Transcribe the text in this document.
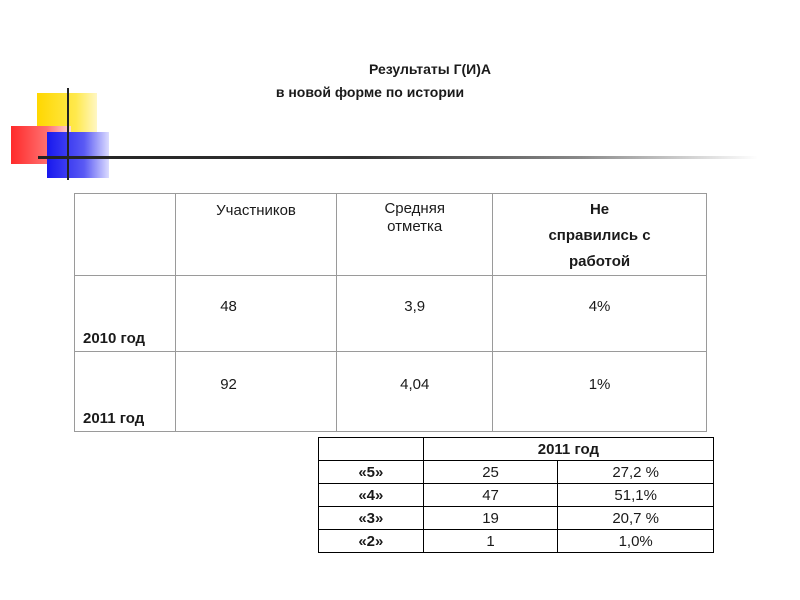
Результаты Г(И)А
в новой форме по истории
	Участников	Средняя отметка	Не справились с работой
2010 год	48	3,9	4%
2011 год	92	4,04	1%
	2011 год	
«5»	25	27,2 %
«4»	47	51,1%
«3»	19	20,7 %
«2»	1	1,0%
